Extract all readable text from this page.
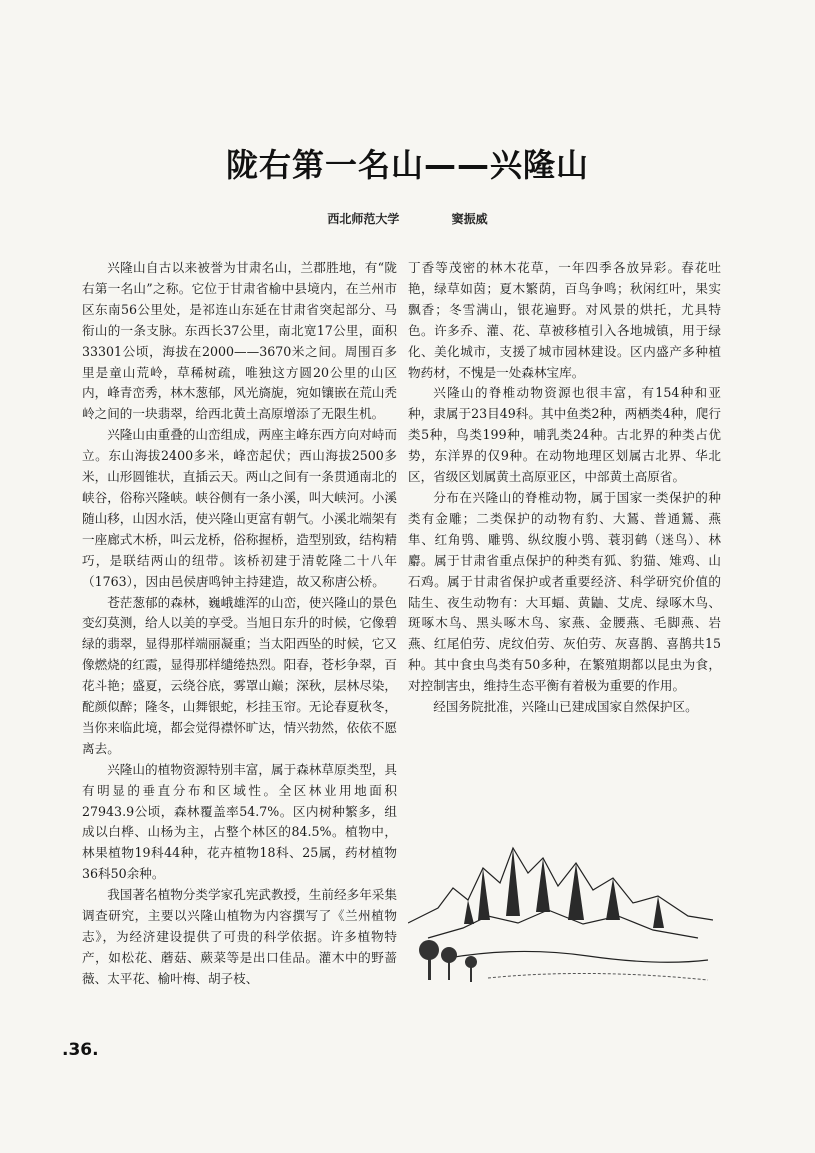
陇右第一名山——兴隆山
西北师范大学	窦振威

兴隆山自古以来被誉为甘肃名山，兰郡胜地，有“陇右第一名山”之称。它位于甘肃省榆中县境内，在兰州市区东南56公里处，是祁连山东延在甘肃省突起部分、马衔山的一条支脉。东西长37公里，南北宽17公里，面积33301公顷，海拔在2000——3670米之间。周围百多里是童山荒岭，草稀树疏，唯独这方圆20公里的山区内，峰青峦秀，林木葱郁，风光旖旎，宛如镶嵌在荒山秃岭之间的一块翡翠，给西北黄土高原增添了无限生机。

兴隆山由重叠的山峦组成，两座主峰东西方向对峙而立。东山海拔2400多米，峰峦起伏；西山海拔2500多米，山形圆锥状，直插云天。两山之间有一条贯通南北的峡谷，俗称兴隆峡。峡谷侧有一条小溪，叫大峡河。小溪随山移，山因水活，使兴隆山更富有朝气。小溪北端架有一座廊式木桥，叫云龙桥，俗称握桥，造型别致，结构精巧，是联结两山的纽带。该桥初建于清乾隆二十八年（1763），因由邑侯唐鸣钟主持建造，故又称唐公桥。

苍茫葱郁的森林，巍峨雄浑的山峦，使兴隆山的景色变幻莫测，给人以美的享受。当旭日东升的时候，它像碧绿的翡翠，显得那样端丽凝重；当太阳西坠的时候，它又像燃烧的红霞，显得那样缱绻热烈。阳春，苍杉争翠，百花斗艳；盛夏，云绕谷底，雾罩山巅；深秋，层林尽染，酡颜似醉；隆冬，山舞银蛇，杉挂玉帘。无论春夏秋冬，当你来临此境，都会觉得襟怀旷达，情兴勃然，依依不愿离去。

兴隆山的植物资源特别丰富，属于森林草原类型，具有明显的垂直分布和区域性。全区林业用地面积27943.9公顷，森林覆盖率54.7%。区内树种繁多，组成以白桦、山杨为主，占整个林区的84.5%。植物中，林果植物19科44种，花卉植物18科、25属，药材植物36科50余种。

我国著名植物分类学家孔宪武教授，生前经多年采集调查研究，主要以兴隆山植物为内容撰写了《兰州植物志》，为经济建设提供了可贵的科学依据。许多植物特产，如松花、蘑菇、蕨菜等是出口佳品。灌木中的野蔷薇、太平花、榆叶梅、胡子枝、

丁香等茂密的林木花草，一年四季各放异彩。春花吐艳，绿草如茵；夏木繁荫，百鸟争鸣；秋闲红叶，果实飘香；冬雪满山，银花遍野。对风景的烘托，尤具特色。许多乔、灌、花、草被移植引入各地城镇，用于绿化、美化城市，支援了城市园林建设。区内盛产多种植物药材，不愧是一处森林宝库。

兴隆山的脊椎动物资源也很丰富，有154种和亚种，隶属于23目49科。其中鱼类2种，两栖类4种，爬行类5种，鸟类199种，哺乳类24种。古北界的种类占优势，东洋界的仅9种。在动物地理区划属古北界、华北区，省级区划属黄土高原亚区，中部黄土高原省。

分布在兴隆山的脊椎动物，属于国家一类保护的种类有金雕；二类保护的动物有豹、大鵟、普通鵟、燕隼、红角鸮、雕鸮、纵纹腹小鸮、蓑羽鹤（迷鸟）、林麝。属于甘肃省重点保护的种类有狐、豹猫、雉鸡、山石鸡。属于甘肃省保护或者重要经济、科学研究价值的陆生、夜生动物有：大耳蝠、黄鼬、艾虎、绿啄木鸟、斑啄木鸟、黑头啄木鸟、家燕、金腰燕、毛脚燕、岩燕、红尾伯劳、虎纹伯劳、灰伯劳、灰喜鹊、喜鹊共15种。其中食虫鸟类有50多种，在繁殖期都以昆虫为食，对控制害虫，维持生态平衡有着极为重要的作用。

经国务院批准，兴隆山已建成国家自然保护区。

.36.
